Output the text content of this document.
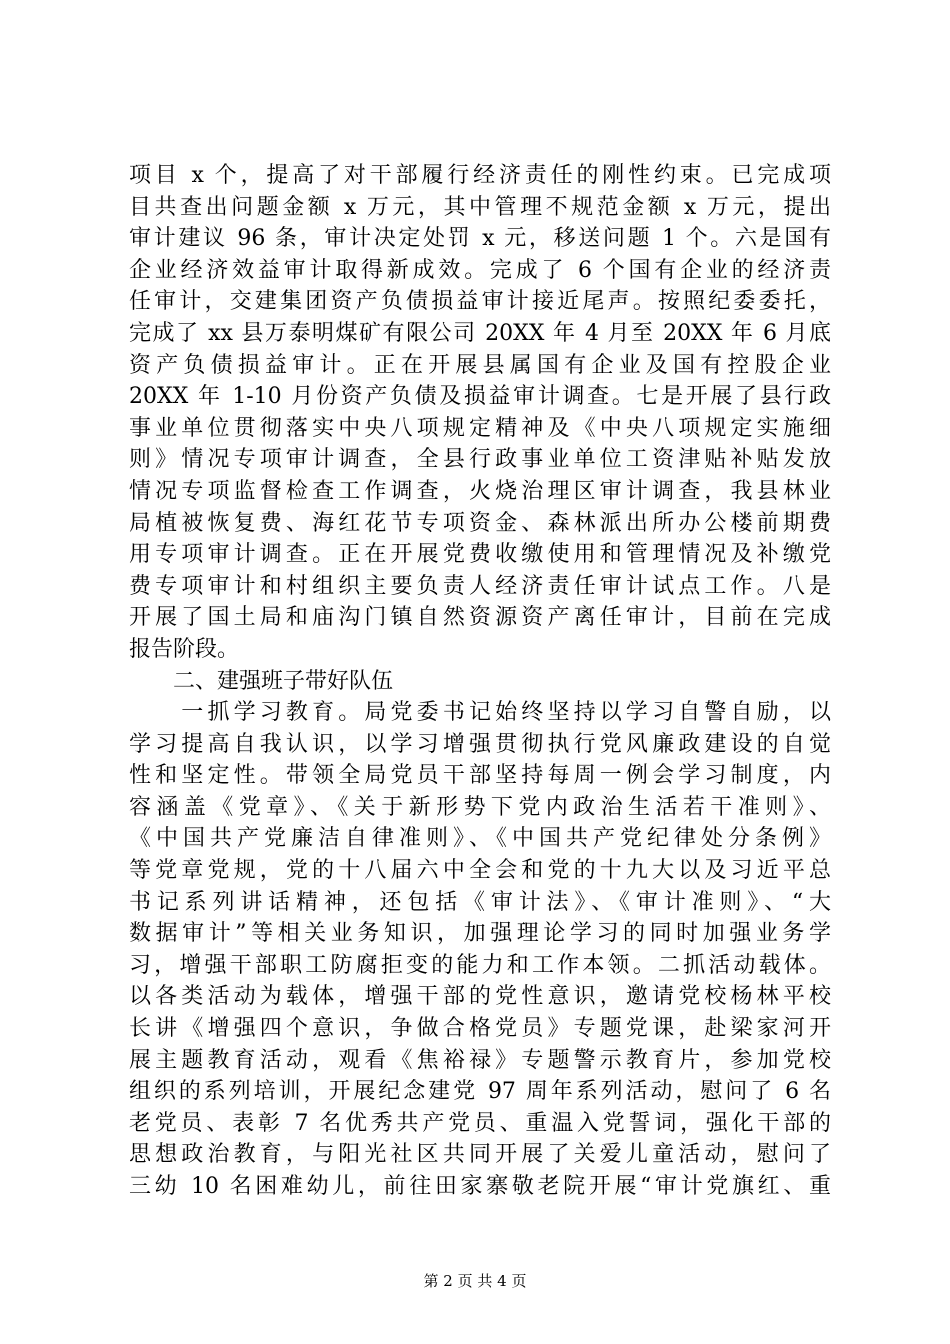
项目 x 个，提高了对干部履行经济责任的刚性约束。已完成项
目共查出问题金额 x 万元，其中管理不规范金额 x 万元，提出
审计建议 96 条，审计决定处罚 x 元，移送问题 1 个。六是国有
企业经济效益审计取得新成效。完成了 6 个国有企业的经济责
任审计，交建集团资产负债损益审计接近尾声。按照纪委委托，
完成了 xx 县万泰明煤矿有限公司 20XX 年 4 月至 20XX 年 6 月底
资产负债损益审计。正在开展县属国有企业及国有控股企业
20XX 年 1-10 月份资产负债及损益审计调查。七是开展了县行政
事业单位贯彻落实中央八项规定精神及《中央八项规定实施细
则》情况专项审计调查，全县行政事业单位工资津贴补贴发放
情况专项监督检查工作调查，火烧治理区审计调查，我县林业
局植被恢复费、海红花节专项资金、森林派出所办公楼前期费
用专项审计调查。正在开展党费收缴使用和管理情况及补缴党
费专项审计和村组织主要负责人经济责任审计试点工作。八是
开展了国土局和庙沟门镇自然资源资产离任审计，目前在完成
报告阶段。
　　二、建强班子带好队伍
　　一抓学习教育。局党委书记始终坚持以学习自警自励，以
学习提高自我认识，以学习增强贯彻执行党风廉政建设的自觉
性和坚定性。带领全局党员干部坚持每周一例会学习制度，内
容涵盖《党章》、《关于新形势下党内政治生活若干准则》、
《中国共产党廉洁自律准则》、《中国共产党纪律处分条例》
等党章党规，党的十八届六中全会和党的十九大以及习近平总
书记系列讲话精神，还包括《审计法》、《审计准则》、“大
数据审计”等相关业务知识，加强理论学习的同时加强业务学
习，增强干部职工防腐拒变的能力和工作本领。二抓活动载体。
以各类活动为载体，增强干部的党性意识，邀请党校杨林平校
长讲《增强四个意识，争做合格党员》专题党课，赴梁家河开
展主题教育活动，观看《焦裕禄》专题警示教育片，参加党校
组织的系列培训，开展纪念建党 97 周年系列活动，慰问了 6 名
老党员、表彰 7 名优秀共产党员、重温入党誓词，强化干部的
思想政治教育，与阳光社区共同开展了关爱儿童活动，慰问了
三幼 10 名困难幼儿，前往田家寨敬老院开展“审计党旗红、重
第 2 页 共 4 页
